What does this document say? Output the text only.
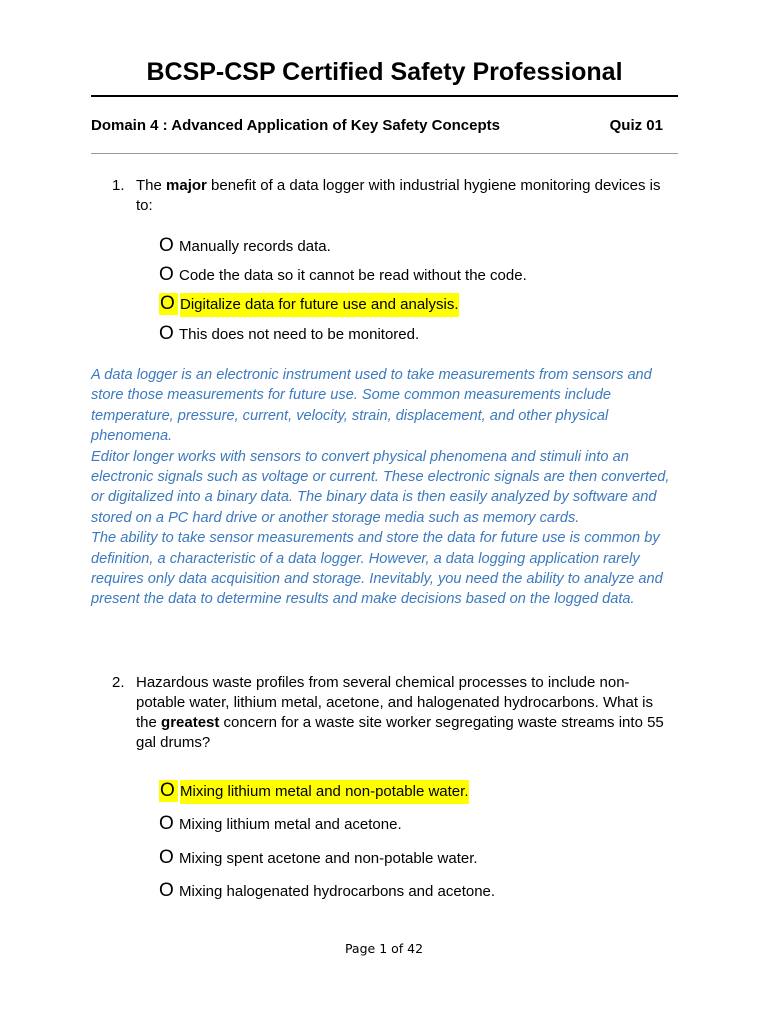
BCSP-CSP Certified Safety Professional
Domain 4 : Advanced Application of Key Safety Concepts	Quiz 01
1. The major benefit of a data logger with industrial hygiene monitoring devices is to:
O Manually records data.
O Code the data so it cannot be read without the code.
O Digitalize data for future use and analysis.
O This does not need to be monitored.

A data logger is an electronic instrument used to take measurements from sensors and store those measurements for future use. Some common measurements include temperature, pressure, current, velocity, strain, displacement, and other physical phenomena.

Editor longer works with sensors to convert physical phenomena and stimuli into an electronic signals such as voltage or current. These electronic signals are then converted, or digitalized into a binary data. The binary data is then easily analyzed by software and stored on a PC hard drive or another storage media such as memory cards.

The ability to take sensor measurements and store the data for future use is common by definition, a characteristic of a data logger. However, a data logging application rarely requires only data acquisition and storage. Inevitably, you need the ability to analyze and present the data to determine results and make decisions based on the logged data.

2. Hazardous waste profiles from several chemical processes to include non-potable water, lithium metal, acetone, and halogenated hydrocarbons. What is the greatest concern for a waste site worker segregating waste streams into 55 gal drums?
O Mixing lithium metal and non-potable water.
O Mixing lithium metal and acetone.
O Mixing spent acetone and non-potable water.
O Mixing halogenated hydrocarbons and acetone.
Page 1 of 42
